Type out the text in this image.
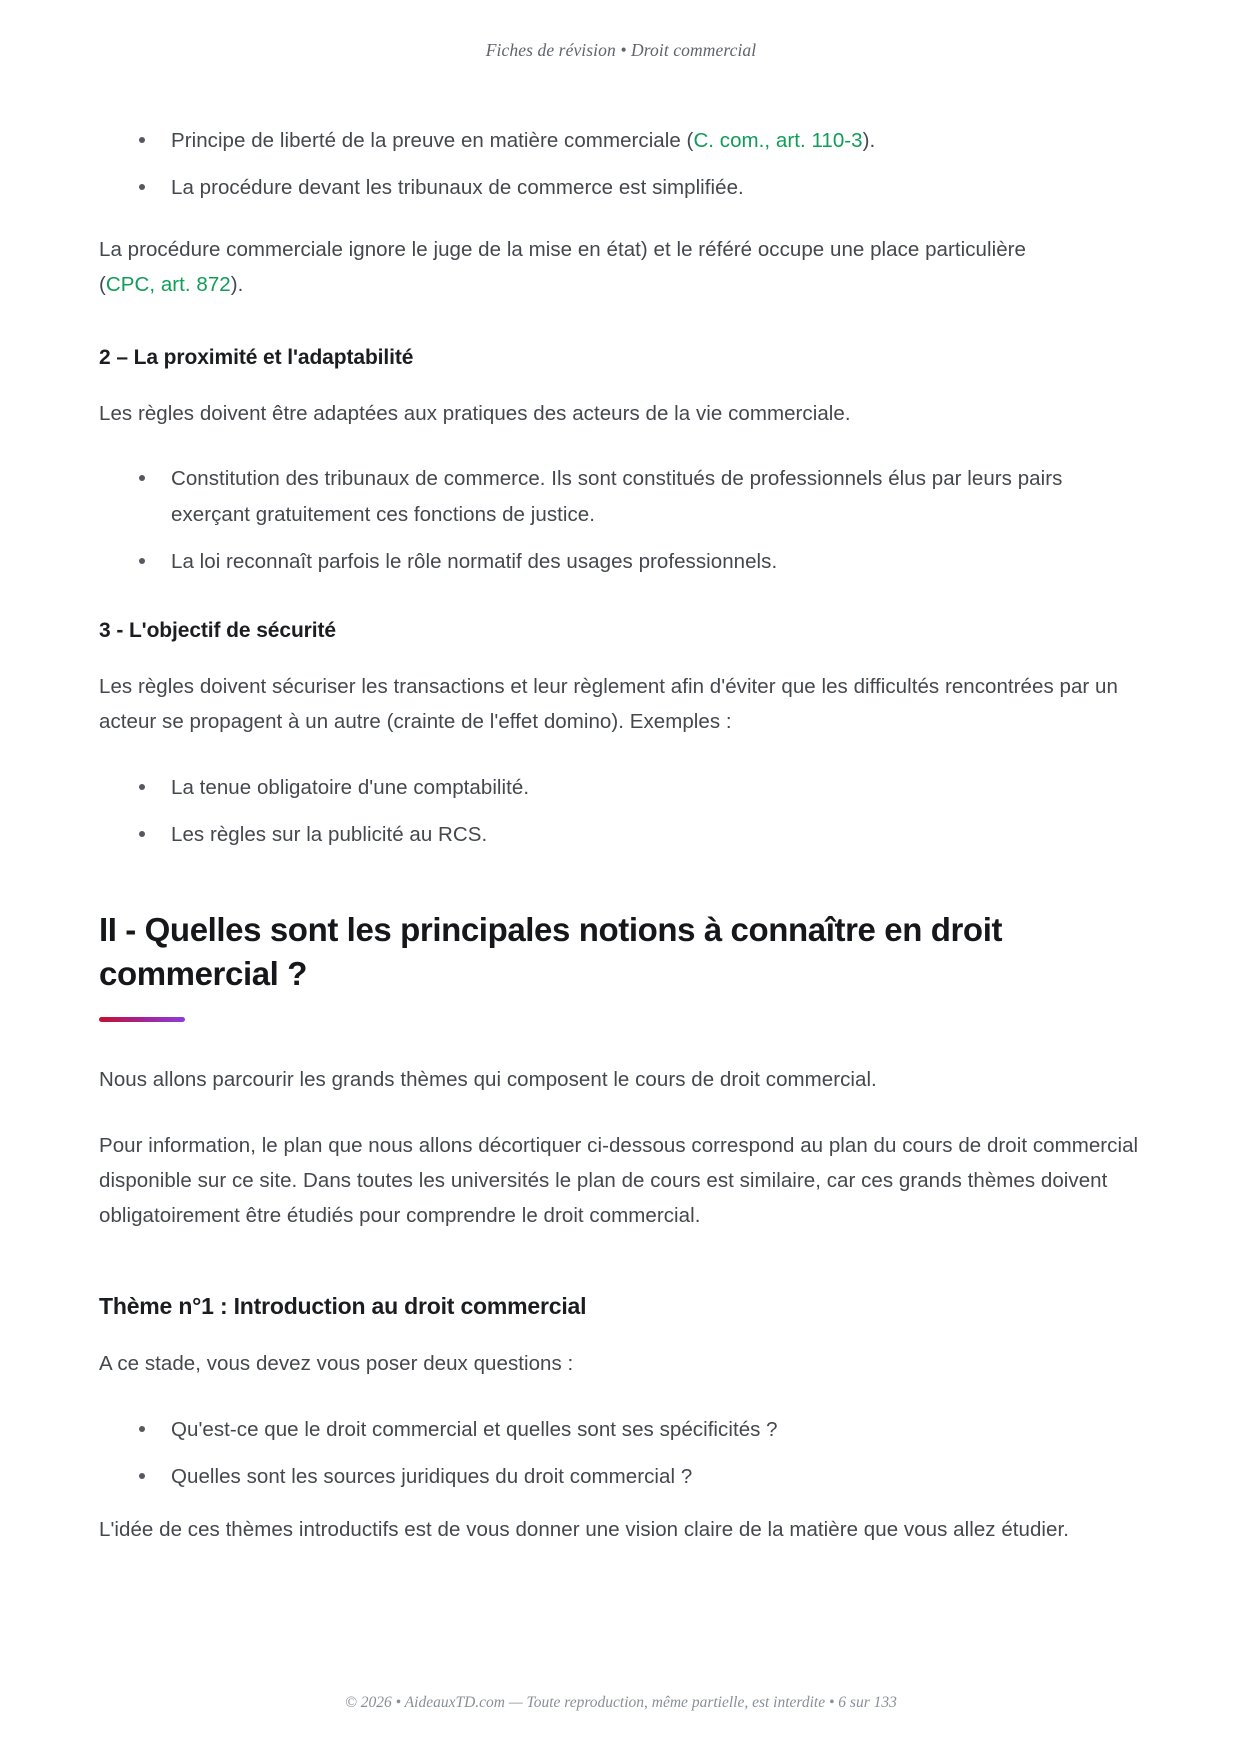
Fiches de révision • Droit commercial
Principe de liberté de la preuve en matière commerciale (C. com., art. 110-3).
La procédure devant les tribunaux de commerce est simplifiée.

La procédure commerciale ignore le juge de la mise en état) et le référé occupe une place particulière (CPC, art. 872).

2 – La proximité et l'adaptabilité

Les règles doivent être adaptées aux pratiques des acteurs de la vie commerciale.

Constitution des tribunaux de commerce. Ils sont constitués de professionnels élus par leurs pairs exerçant gratuitement ces fonctions de justice.
La loi reconnaît parfois le rôle normatif des usages professionnels.
3 - L'objectif de sécurité

Les règles doivent sécuriser les transactions et leur règlement afin d'éviter que les difficultés rencontrées par un acteur se propagent à un autre (crainte de l'effet domino). Exemples :

La tenue obligatoire d'une comptabilité.
Les règles sur la publicité au RCS.
II - Quelles sont les principales notions à connaître en droit commercial ?

Nous allons parcourir les grands thèmes qui composent le cours de droit commercial.

Pour information, le plan que nous allons décortiquer ci-dessous correspond au plan du cours de droit commercial disponible sur ce site. Dans toutes les universités le plan de cours est similaire, car ces grands thèmes doivent obligatoirement être étudiés pour comprendre le droit commercial.

Thème n°1 : Introduction au droit commercial

A ce stade, vous devez vous poser deux questions :

Qu'est-ce que le droit commercial et quelles sont ses spécificités ?
Quelles sont les sources juridiques du droit commercial ?

L'idée de ces thèmes introductifs est de vous donner une vision claire de la matière que vous allez étudier.

© 2026 • AideauxTD.com — Toute reproduction, même partielle, est interdite • 6 sur 133
